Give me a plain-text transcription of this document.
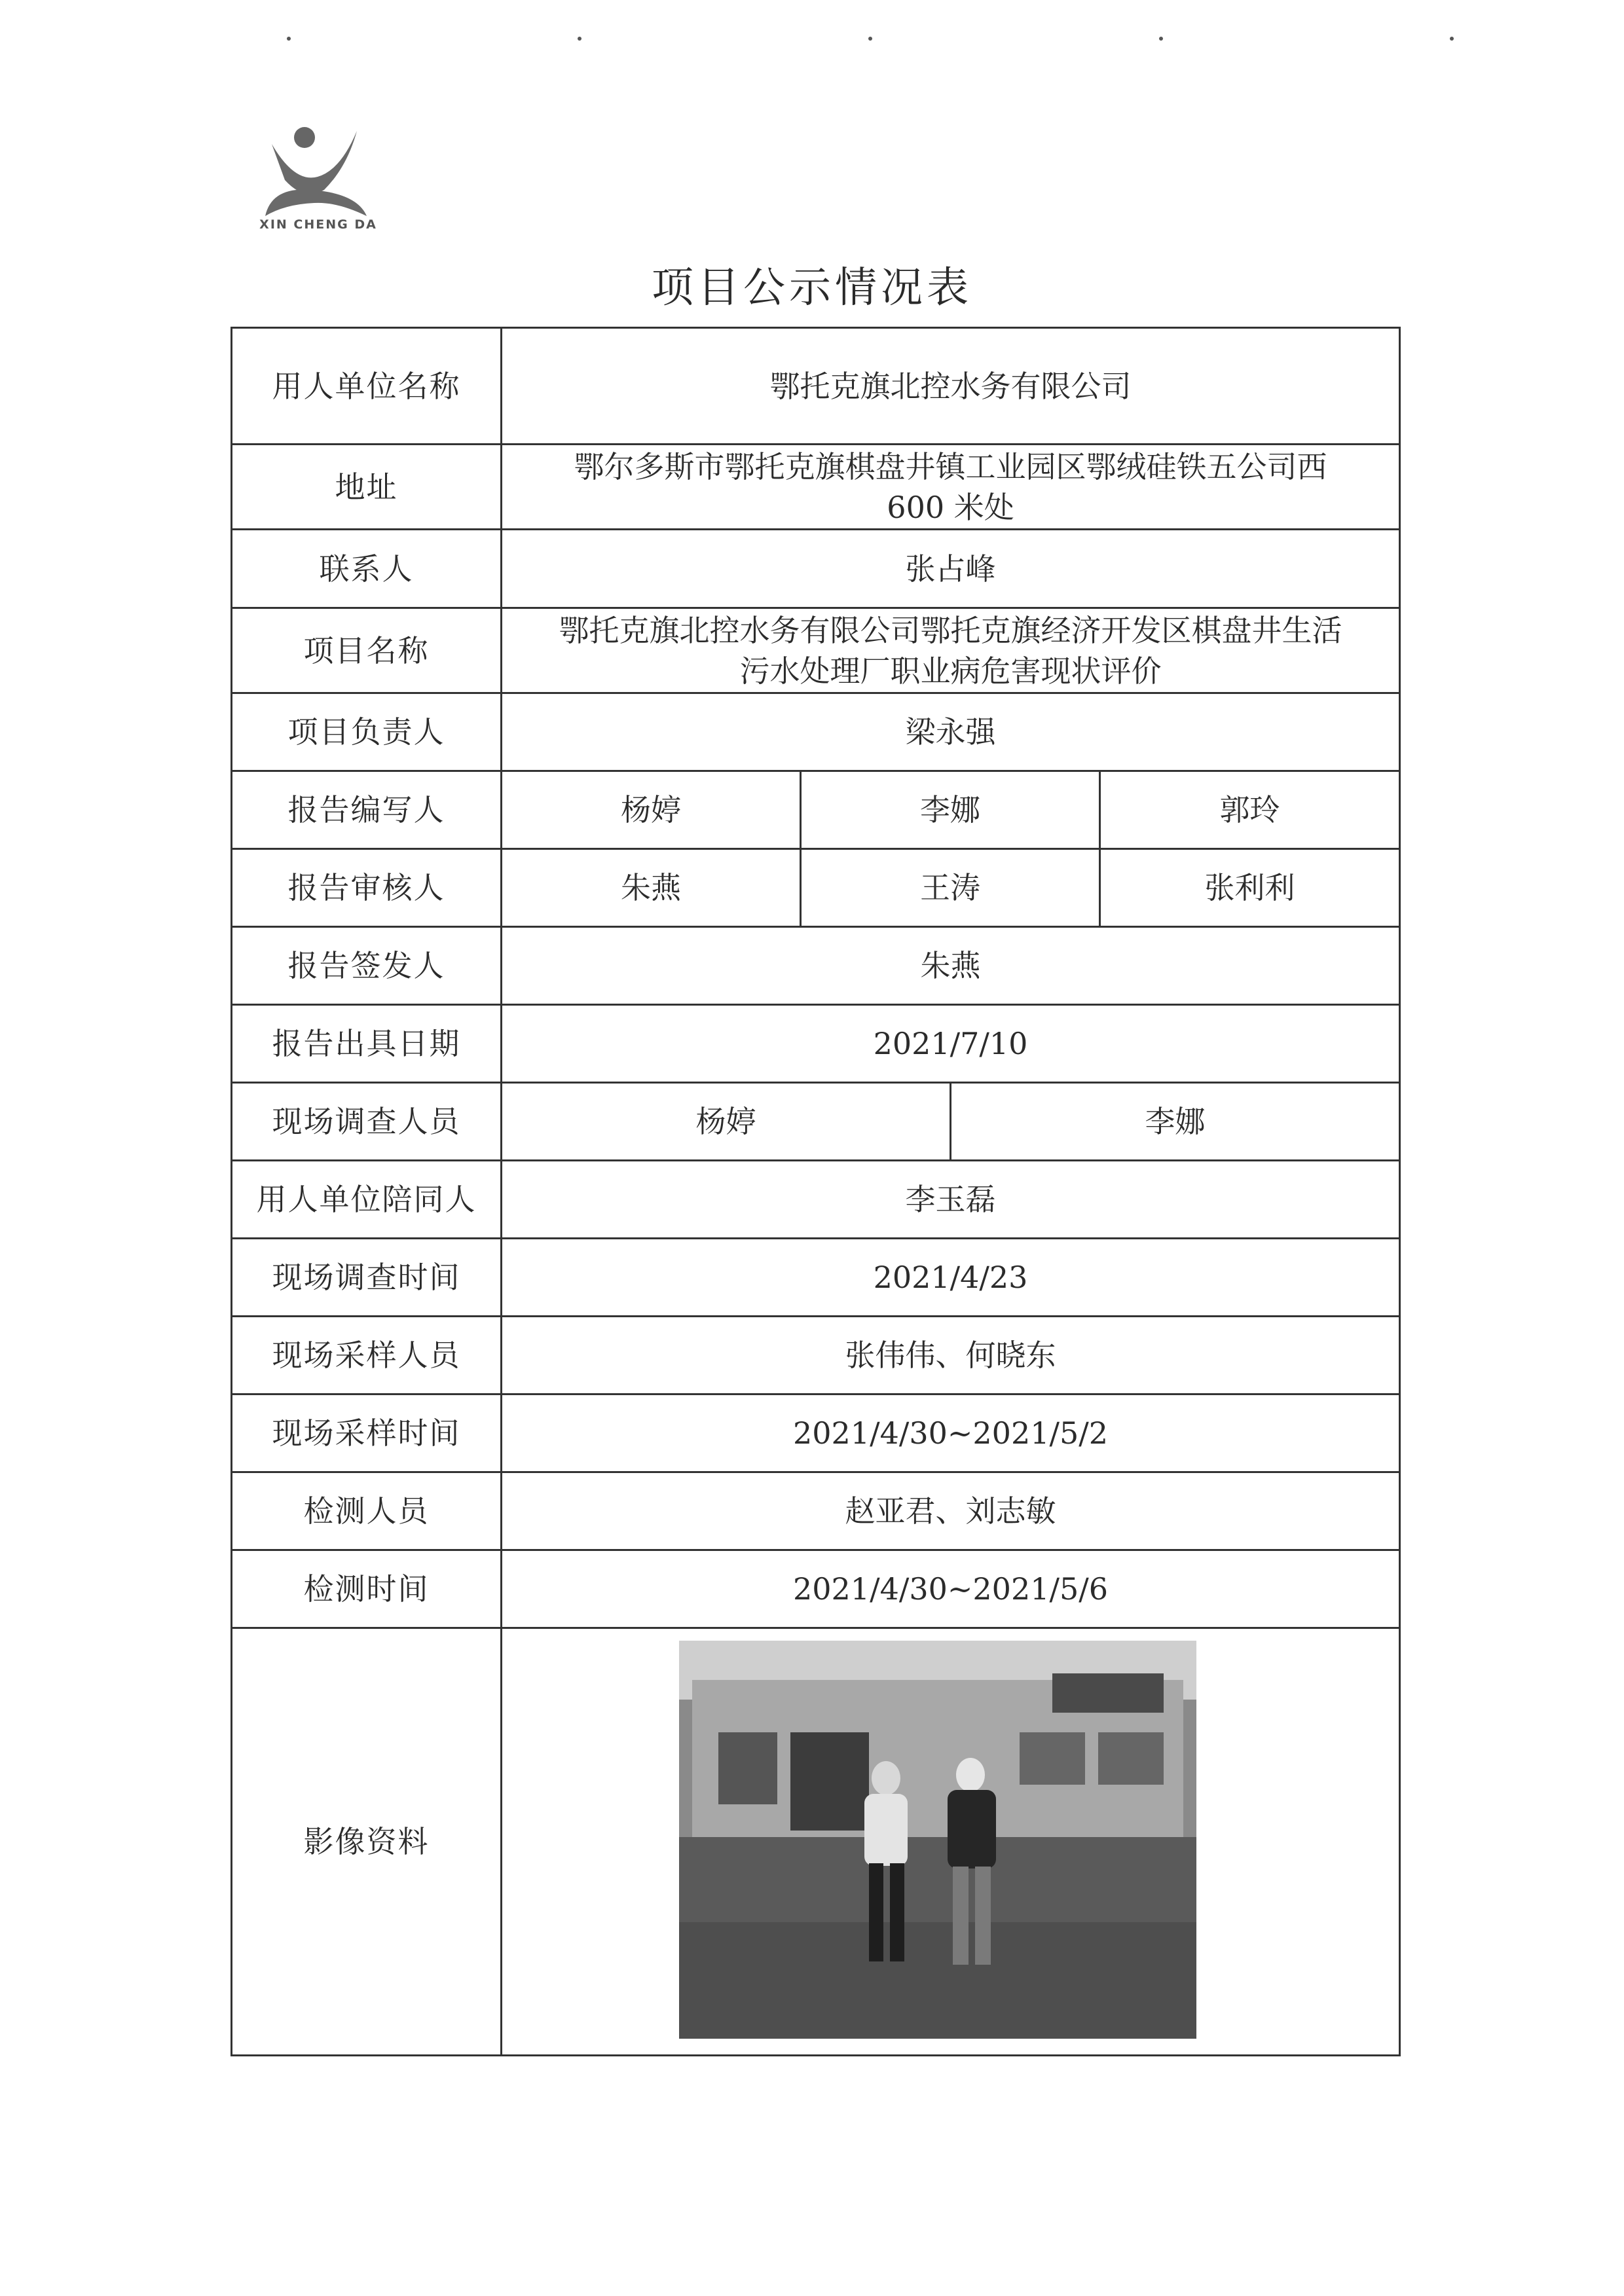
XIN CHENG DA
项目公示情况表
用人单位名称	鄂托克旗北控水务有限公司			
地址	鄂尔多斯市鄂托克旗棋盘井镇工业园区鄂绒硅铁五公司西
600 米处			

联系人	张占峰			
项目名称	鄂托克旗北控水务有限公司鄂托克旗经济开发区棋盘井生活
污水处理厂职业病危害现状评价			

项目负责人	梁永强			
报告编写人	杨婷	李娜		郭玲
报告审核人	朱燕	王涛		张利利
报告签发人	朱燕			
报告出具日期	2021/7/10			
现场调查人员	杨婷		李娜	
用人单位陪同人	李玉磊			
现场调查时间	2021/4/23			
现场采样人员	张伟伟、何晓东			
现场采样时间	2021/4/30~2021/5/2			
检测人员	赵亚君、刘志敏			
检测时间	2021/4/30~2021/5/6			
影像资料	
